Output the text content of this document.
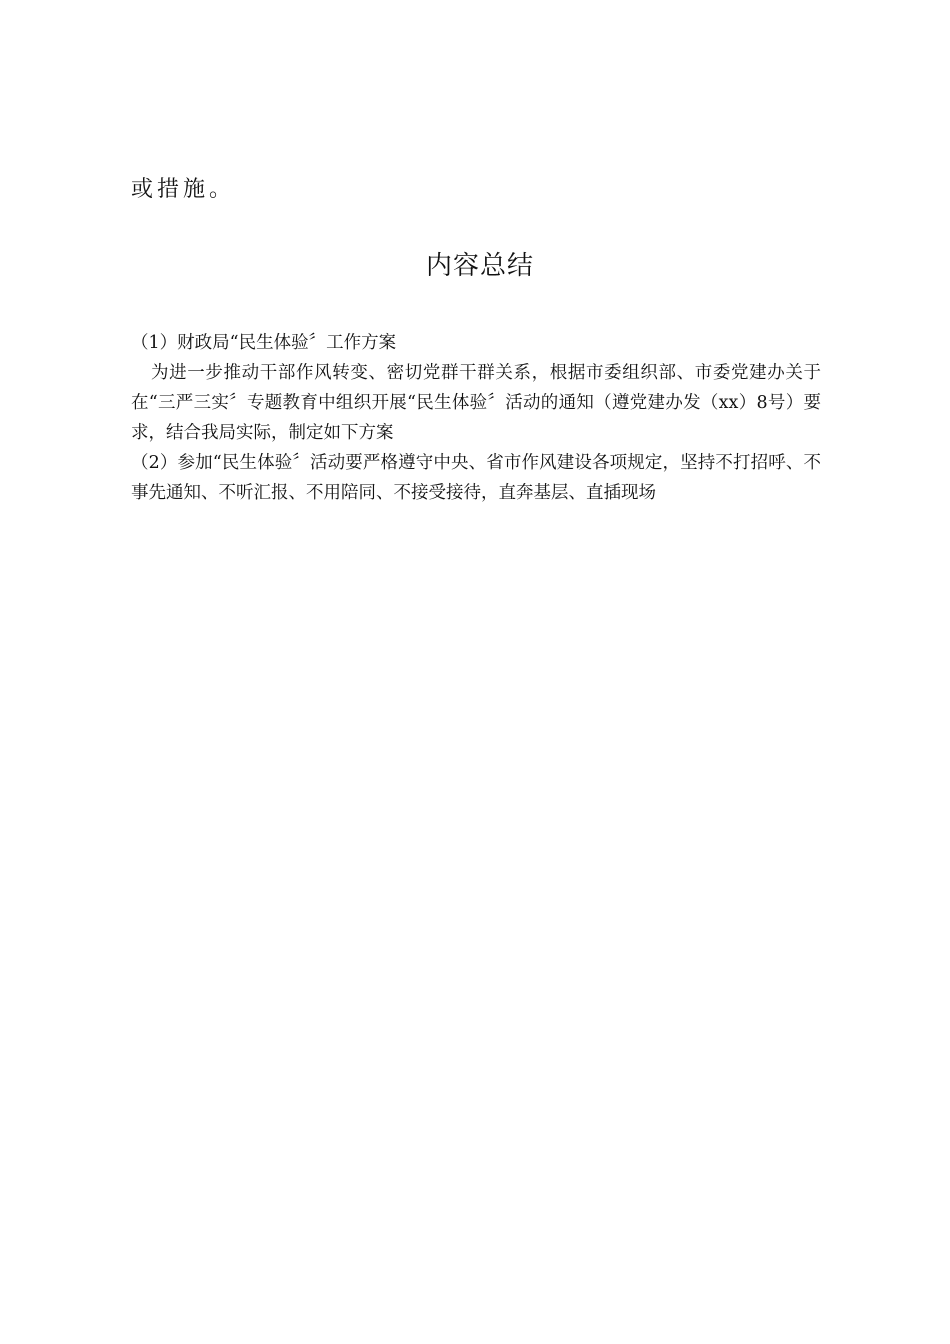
或措施。
内容总结

（1）财政局“民生体验〞工作方案

为进一步推动干部作风转变、密切党群干群关系，根据市委组织部、市委党建办关于在“三严三实〞专题教育中组织开展“民生体验〞活动的通知（遵党建办发（xx）8号）要求，结合我局实际，制定如下方案

（2）参加“民生体验〞活动要严格遵守中央、省市作风建设各项规定，坚持不打招呼、不事先通知、不听汇报、不用陪同、不接受接待，直奔基层、直插现场
